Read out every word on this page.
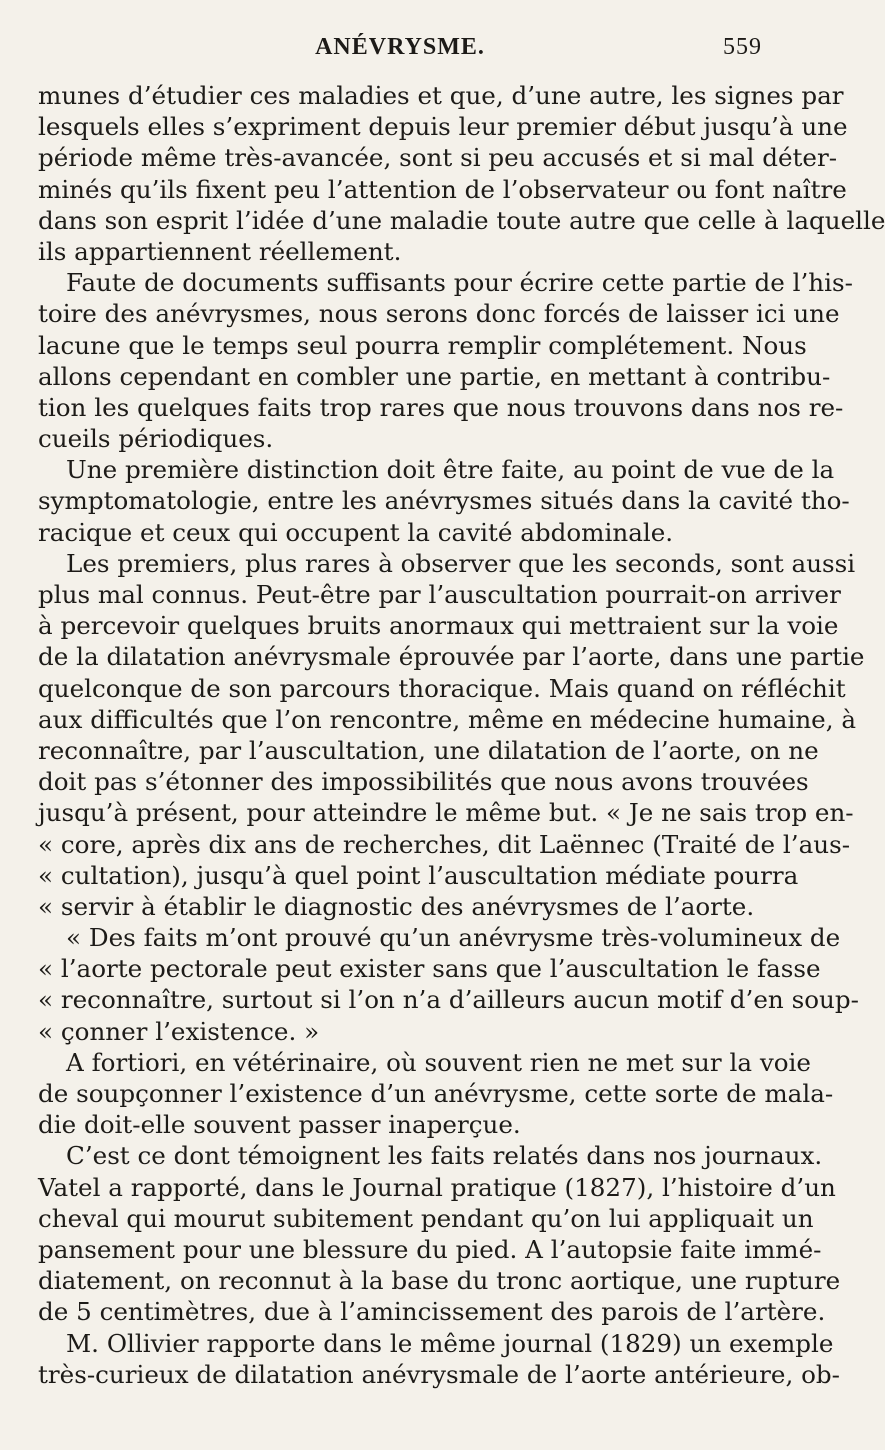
ANÉVRYSME.	559
munes d’étudier ces maladies et que, d’une autre, les signes par
lesquels elles s’expriment depuis leur premier début jusqu’à une
période même très-avancée, sont si peu accusés et si mal déter-
minés qu’ils fixent peu l’attention de l’observateur ou font naître
dans son esprit l’idée d’une maladie toute autre que celle à laquelle
ils appartiennent réellement.
Faute de documents suffisants pour écrire cette partie de l’his-
toire des anévrysmes, nous serons donc forcés de laisser ici une
lacune que le temps seul pourra remplir complétement. Nous
allons cependant en combler une partie, en mettant à contribu-
tion les quelques faits trop rares que nous trouvons dans nos re-
cueils périodiques.
Une première distinction doit être faite, au point de vue de la
symptomatologie, entre les anévrysmes situés dans la cavité tho-
racique et ceux qui occupent la cavité abdominale.
Les premiers, plus rares à observer que les seconds, sont aussi
plus mal connus. Peut-être par l’auscultation pourrait-on arriver
à percevoir quelques bruits anormaux qui mettraient sur la voie
de la dilatation anévrysmale éprouvée par l’aorte, dans une partie
quelconque de son parcours thoracique. Mais quand on réfléchit
aux difficultés que l’on rencontre, même en médecine humaine, à
reconnaître, par l’auscultation, une dilatation de l’aorte, on ne
doit pas s’étonner des impossibilités que nous avons trouvées
jusqu’à présent, pour atteindre le même but. « Je ne sais trop en-
« core, après dix ans de recherches, dit Laënnec (Traité de l’aus-
« cultation), jusqu’à quel point l’auscultation médiate pourra
« servir à établir le diagnostic des anévrysmes de l’aorte.
« Des faits m’ont prouvé qu’un anévrysme très-volumineux de
« l’aorte pectorale peut exister sans que l’auscultation le fasse
« reconnaître, surtout si l’on n’a d’ailleurs aucun motif d’en soup-
« çonner l’existence. »
A fortiori, en vétérinaire, où souvent rien ne met sur la voie
de soupçonner l’existence d’un anévrysme, cette sorte de mala-
die doit-elle souvent passer inaperçue.
C’est ce dont témoignent les faits relatés dans nos journaux.
Vatel a rapporté, dans le Journal pratique (1827), l’histoire d’un
cheval qui mourut subitement pendant qu’on lui appliquait un
pansement pour une blessure du pied. A l’autopsie faite immé-
diatement, on reconnut à la base du tronc aortique, une rupture
de 5 centimètres, due à l’amincissement des parois de l’artère.
M. Ollivier rapporte dans le même journal (1829) un exemple
très-curieux de dilatation anévrysmale de l’aorte antérieure, ob-
